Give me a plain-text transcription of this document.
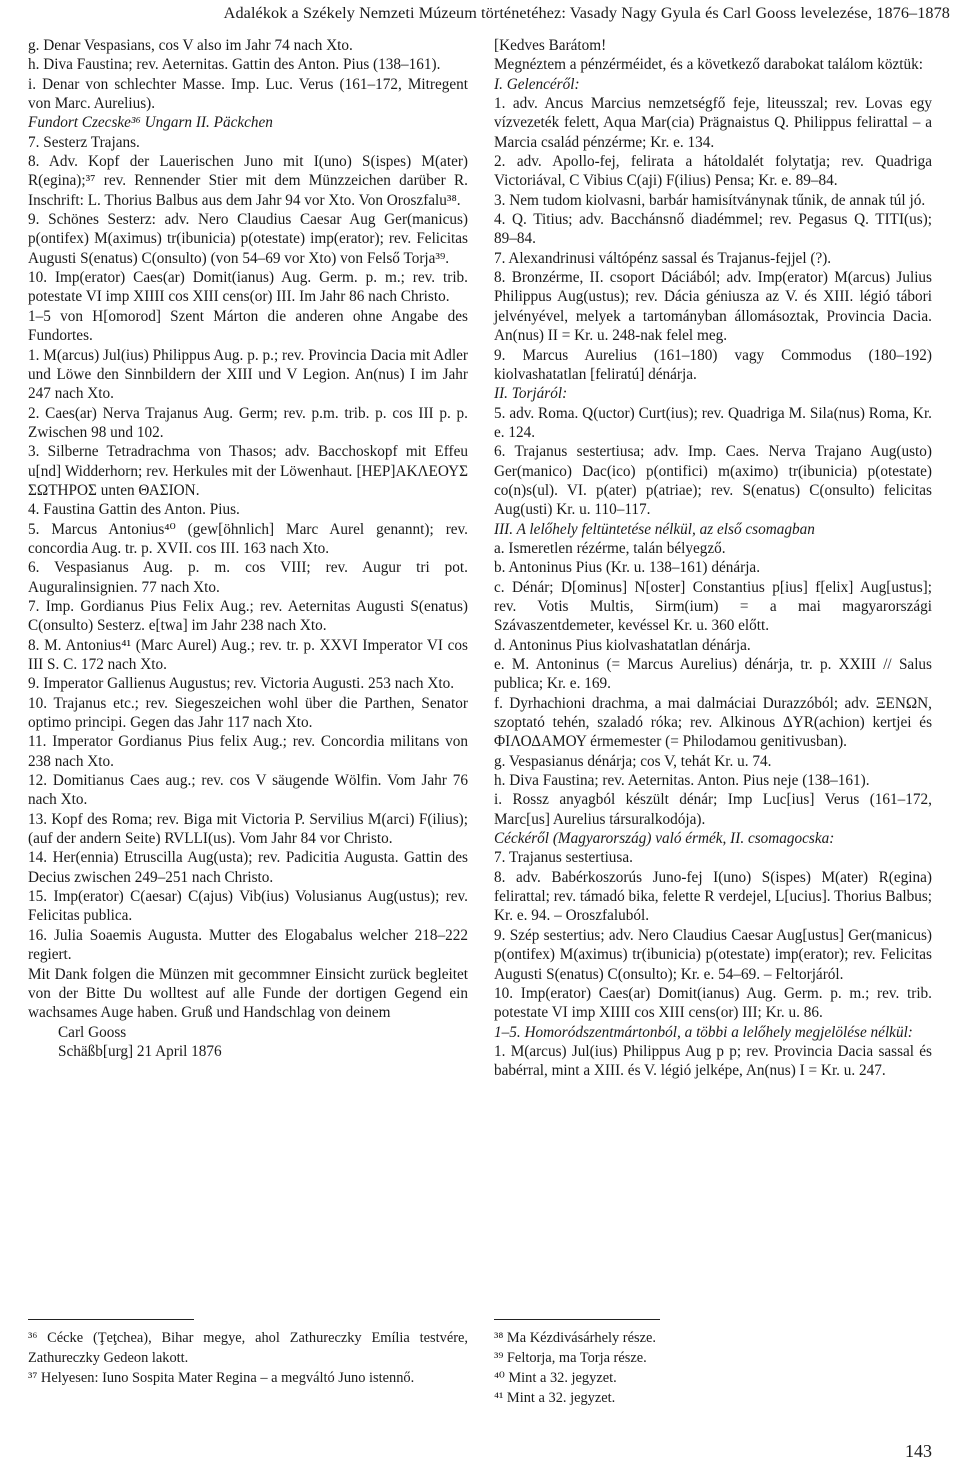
Adalékok a Székely Nemzeti Múzeum történetéhez: Vasady Nagy Gyula és Carl Gooss levelezése, 1876–1878

g. Denar Vespasians, cos V also im Jahr 74 nach Xto.

h. Diva Faustina; rev. Aeternitas. Gattin des Anton. Pius (138–161).

i. Denar von schlechter Masse. Imp. Luc. Verus (161–172, Mitregent von Marc. Aurelius).

Fundort Czecske³⁶ Ungarn II. Päckchen

7. Sesterz Trajans.

8. Adv. Kopf der Lauerischen Juno mit I(uno) S(ispes) M(ater) R(egina);³⁷ rev. Rennender Stier mit dem Münzzeichen darüber R. Inschrift: L. Thorius Balbus aus dem Jahr 94 vor Xto. Von Oroszfalu³⁸.

9. Schönes Sesterz: adv. Nero Claudius Caesar Aug Ger(manicus) p(ontifex) M(aximus) tr(ibunicia) p(otestate) imp(erator); rev. Felicitas Augusti S(enatus) C(onsulto) (von 54–69 vor Xto) von Felső Torja³⁹.

10. Imp(erator) Caes(ar) Domit(ianus) Aug. Germ. p. m.; rev. trib. potestate VI imp XIIII cos XIII cens(or) III. Im Jahr 86 nach Christo.

1–5 von H[omorod] Szent Márton die anderen ohne Angabe des Fundortes.

1. M(arcus) Jul(ius) Philippus Aug. p. p.; rev. Provincia Dacia mit Adler und Löwe den Sinnbildern der XIII und V Legion. An(nus) I im Jahr 247 nach Xto.

2. Caes(ar) Nerva Trajanus Aug. Germ; rev. p.m. trib. p. cos III p. p. Zwischen 98 und 102.

3. Silberne Tetradrachma von Thasos; adv. Bacchoskopf mit Effeu u[nd] Widderhorn; rev. Herkules mit der Löwenhaut. [ΗΕΡ]ΑΚΛΕΟΥΣ ΣΩΤΗΡΟΣ unten ΘΑΣΙΟΝ.

4. Faustina Gattin des Anton. Pius.

5. Marcus Antonius⁴⁰ (gew[öhnlich] Marc Aurel genannt); rev. concordia Aug. tr. p. XVII. cos III. 163 nach Xto.

6. Vespasianus Aug. p. m. cos VIII; rev. Augur tri pot. Auguralinsignien. 77 nach Xto.

7. Imp. Gordianus Pius Felix Aug.; rev. Aeternitas Augusti S(enatus) C(onsulto) Sesterz. e[twa] im Jahr 238 nach Xto.

8. M. Antonius⁴¹ (Marc Aurel) Aug.; rev. tr. p. XXVI Imperator VI cos III S. C. 172 nach Xto.

9. Imperator Gallienus Augustus; rev. Victoria Augusti. 253 nach Xto.

10. Trajanus etc.; rev. Siegeszeichen wohl über die Parthen, Senator optimo principi. Gegen das Jahr 117 nach Xto.

11. Imperator Gordianus Pius felix Aug.; rev. Concordia militans von 238 nach Xto.

12. Domitianus Caes aug.; rev. cos V säugende Wölfin. Vom Jahr 76 nach Xto.

13. Kopf des Roma; rev. Biga mit Victoria P. Servilius M(arci) F(ilius); (auf der andern Seite) RVLLI(us). Vom Jahr 84 vor Christo.

14. Her(ennia) Etruscilla Aug(usta); rev. Padicitia Augusta. Gattin des Decius zwischen 249–251 nach Christo.

15. Imp(erator) C(aesar) C(ajus) Vib(ius) Volusianus Aug(ustus); rev. Felicitas publica.

16. Julia Soaemis Augusta. Mutter des Elogabalus welcher 218–222 regiert.

Mit Dank folgen die Münzen mit gecommner Einsicht zurück begleitet von der Bitte Du wolltest auf alle Funde der dortigen Gegend ein wachsames Auge haben. Gruß und Handschlag von deinem

Carl Gooss

Schäßb[urg] 21 April 1876

[Kedves Barátom!

Megnéztem a pénzérméidet, és a következő darabokat találom köztük:

I. Gelencéről:

1. adv. Ancus Marcius nemzetségfő feje, liteusszal; rev. Lovas egy vízvezeték felett, Aqua Mar(cia) Prägnaistus Q. Philippus felirattal – a Marcia család pénzérme; Kr. e. 134.

2. adv. Apollo-fej, felirata a hátoldalét folytatja; rev. Quadriga Victoriával, C Vibius C(aji) F(ilius) Pensa; Kr. e. 89–84.

3. Nem tudom kiolvasni, barbár hamisítványnak tűnik, de annak túl jó.

4. Q. Titius; adv. Bacchánsnő diadémmel; rev. Pegasus Q. TITI(us); 89–84.

7. Alexandrinusi váltópénz sassal és Trajanus-fejjel (?).

8. Bronzérme, II. csoport Dáciából; adv. Imp(erator) M(arcus) Julius Philippus Aug(ustus); rev. Dácia géniusza az V. és XIII. légió tábori jelvényével, melyek a tartományban állomásoztak, Provincia Dacia. An(nus) II = Kr. u. 248-nak felel meg.

9. Marcus Aurelius (161–180) vagy Commodus (180–192) kiolvashatatlan [feliratú] dénárja.

II. Torjáról:

5. adv. Roma. Q(uctor) Curt(ius); rev. Quadriga M. Sila(nus) Roma, Kr. e. 124.

6. Trajanus sestertiusa; adv. Imp. Caes. Nerva Trajano Aug(usto) Ger(manico) Dac(ico) p(ontifici) m(aximo) tr(ibunicia) p(otestate) co(n)s(ul). VI. p(ater) p(atriae); rev. S(enatus) C(onsulto) felicitas Aug(usti) Kr. u. 110–117.

III. A lelőhely feltüntetése nélkül, az első csomagban

a. Ismeretlen rézérme, talán bélyegző.

b. Antoninus Pius (Kr. u. 138–161) dénárja.

c. Dénár; D[ominus] N[oster] Constantius p[ius] f[elix] Aug[ustus]; rev. Votis Multis, Sirm(ium) = a mai magyarországi Szávaszentdemeter, kevéssel Kr. u. 360 előtt.

d. Antoninus Pius kiolvashatatlan dénárja.

e. M. Antoninus (= Marcus Aurelius) dénárja, tr. p. XXIII // Salus publica; Kr. e. 169.

f. Dyrhachioni drachma, a mai dalmáciai Durazzóból; adv. ΞΕΝΩΝ, szoptató tehén, szaladó róka; rev. Alkinous ΔYR(achion) kertjei és ΦΙΛΟΔΑΜΟΥ érmemester (= Philodamou genitivusban).

g. Vespasianus dénárja; cos V, tehát Kr. u. 74.

h. Diva Faustina; rev. Aeternitas. Anton. Pius neje (138–161).

i. Rossz anyagból készült dénár; Imp Luc[ius] Verus (161–172, Marc[us] Aurelius társuralkodója).

Céckéről (Magyarország) való érmék, II. csomagocska:

7. Trajanus sestertiusa.

8. adv. Babérkoszorús Juno-fej I(uno) S(ispes) M(ater) R(egina) felirattal; rev. támadó bika, felette R verdejel, L[ucius]. Thorius Balbus; Kr. e. 94. – Oroszfaluból.

9. Szép sestertius; adv. Nero Claudius Caesar Aug[ustus] Ger(manicus) p(ontifex) M(aximus) tr(ibunicia) p(otestate) imp(erator); rev. Felicitas Augusti S(enatus) C(onsulto); Kr. e. 54–69. – Feltorjáról.

10. Imp(erator) Caes(ar) Domit(ianus) Aug. Germ. p. m.; rev. trib. potestate VI imp XIIII cos XIII cens(or) III; Kr. u. 86.

1–5. Homoródszentmártonból, a többi a lelőhely megjelölése nélkül:

1. M(arcus) Jul(ius) Philippus Aug p p; rev. Provincia Dacia sassal és babérral, mint a XIII. és V. légió jelképe, An(nus) I = Kr. u. 247.

³⁶ Cécke (Ţeţchea), Bihar megye, ahol Zathureczky Emília testvére, Zathureczky Gedeon lakott.

³⁷ Helyesen: Iuno Sospita Mater Regina – a megváltó Juno istennő.

³⁸ Ma Kézdivásárhely része.

³⁹ Feltorja, ma Torja része.

⁴⁰ Mint a 32. jegyzet.

⁴¹ Mint a 32. jegyzet.

143
